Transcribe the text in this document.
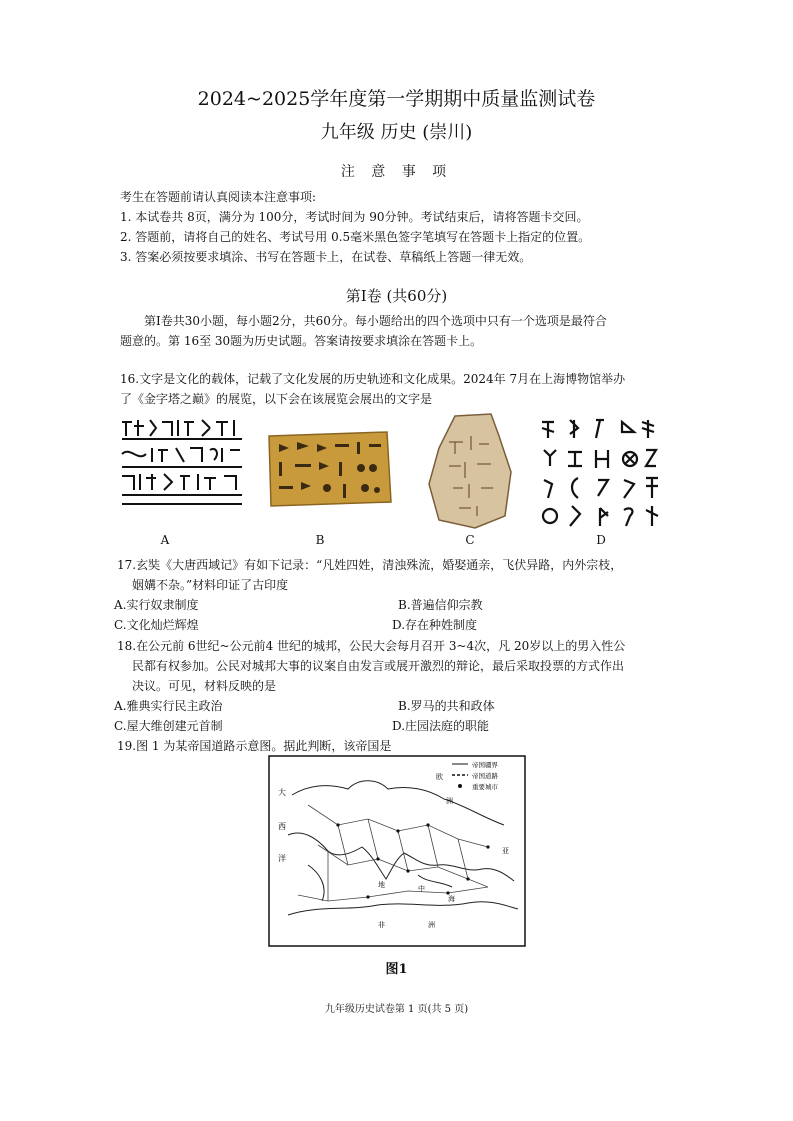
2024~2025学年度第一学期期中质量监测试卷
九年级 历史 (崇川)
注 意 事 项
考生在答题前请认真阅读本注意事项:
1. 本试卷共 8页，满分为 100分，考试时间为 90分钟。考试结束后，请将答题卡交回。
2. 答题前，请将自己的姓名、考试号用 0.5毫米黑色签字笔填写在答题卡上指定的位置。
3. 答案必须按要求填涂、书写在答题卡上，在试卷、草稿纸上答题一律无效。
第Ⅰ卷 (共60分)
第Ⅰ卷共30小题，每小题2分，共60分。每小题给出的四个选项中只有一个选项是最符合
题意的。第 16至 30题为历史试题。答案请按要求填涂在答题卡上。
16.文字是文化的载体，记载了文化发展的历史轨迹和文化成果。2024年 7月在上海博物馆举办
了《金字塔之巅》的展览，以下会在该展览会展出的文字是
A	B	C	D
17.玄奘《大唐西域记》有如下记录：“凡姓四姓，清浊殊流，婚娶通亲，飞伏异路，内外宗枝，
姻媾不杂。”材料印证了古印度
A.实行奴隶制度	B.普遍信仰宗教
C.文化灿烂辉煌	D.存在种姓制度
18.在公元前 6世纪~公元前4 世纪的城邦，公民大会每月召开 3~4次，凡 20岁以上的男入性公
民都有权参加。公民对城邦大事的议案自由发言或展开激烈的辩论，最后采取投票的方式作出
决议。可见，材料反映的是
A.雅典实行民主政治	B.罗马的共和政体
C.屋大维创建元首制	D.庄园法庭的职能
19.图 1 为某帝国道路示意图。据此判断，该帝国是
帝国疆界
帝国道路
重要城市
大
西
洋
欧
洲
亚
地	中
海
非	洲
图1
九年级历史试卷第 1 页(共 5 页)
